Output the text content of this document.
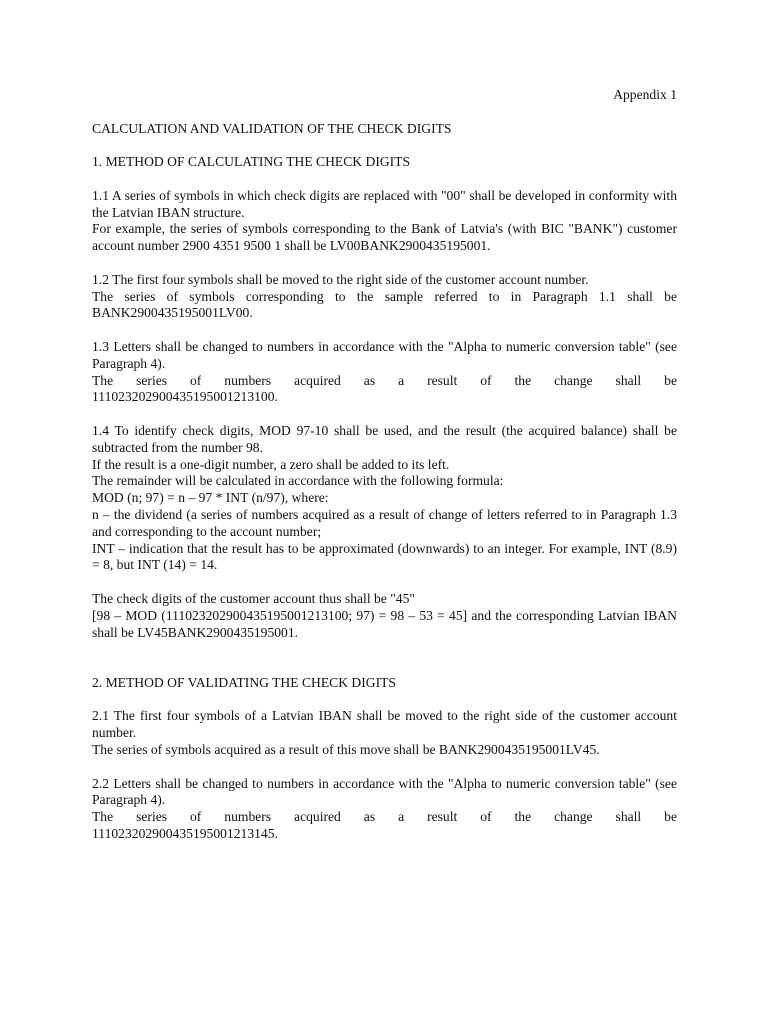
Appendix 1

CALCULATION AND VALIDATION OF THE CHECK DIGITS

1. METHOD OF CALCULATING THE CHECK DIGITS

1.1 A series of symbols in which check digits are replaced with "00" shall be developed in conformity with the Latvian IBAN structure.

For example, the series of symbols corresponding to the Bank of Latvia's (with BIC "BANK") customer account number 2900 4351 9500 1 shall be LV00BANK2900435195001.

1.2 The first four symbols shall be moved to the right side of the customer account number.

The series of symbols corresponding to the sample referred to in Paragraph 1.1 shall be BANK2900435195001LV00.

1.3 Letters shall be changed to numbers in accordance with the "Alpha to numeric conversion table" (see Paragraph 4).

The series of numbers acquired as a result of the change shall be

111023202900435195001213100.

1.4 To identify check digits, MOD 97-10 shall be used, and the result (the acquired balance) shall be subtracted from the number 98.

If the result is a one-digit number, a zero shall be added to its left.

The remainder will be calculated in accordance with the following formula:

MOD (n; 97) = n – 97 * INT (n/97), where:

n – the dividend (a series of numbers acquired as a result of change of letters referred to in Paragraph 1.3 and corresponding to the account number;

INT – indication that the result has to be approximated (downwards) to an integer. For example, INT (8.9) = 8, but INT (14) = 14.

The check digits of the customer account thus shall be "45"

[98 – MOD (111023202900435195001213100; 97) = 98 – 53 = 45] and the corresponding Latvian IBAN shall be LV45BANK2900435195001.

2. METHOD OF VALIDATING THE CHECK DIGITS

2.1 The first four symbols of a Latvian IBAN shall be moved to the right side of the customer account number.

The series of symbols acquired as a result of this move shall be BANK2900435195001LV45.

2.2 Letters shall be changed to numbers in accordance with the "Alpha to numeric conversion table" (see Paragraph 4).

The series of numbers acquired as a result of the change shall be

111023202900435195001213145.
